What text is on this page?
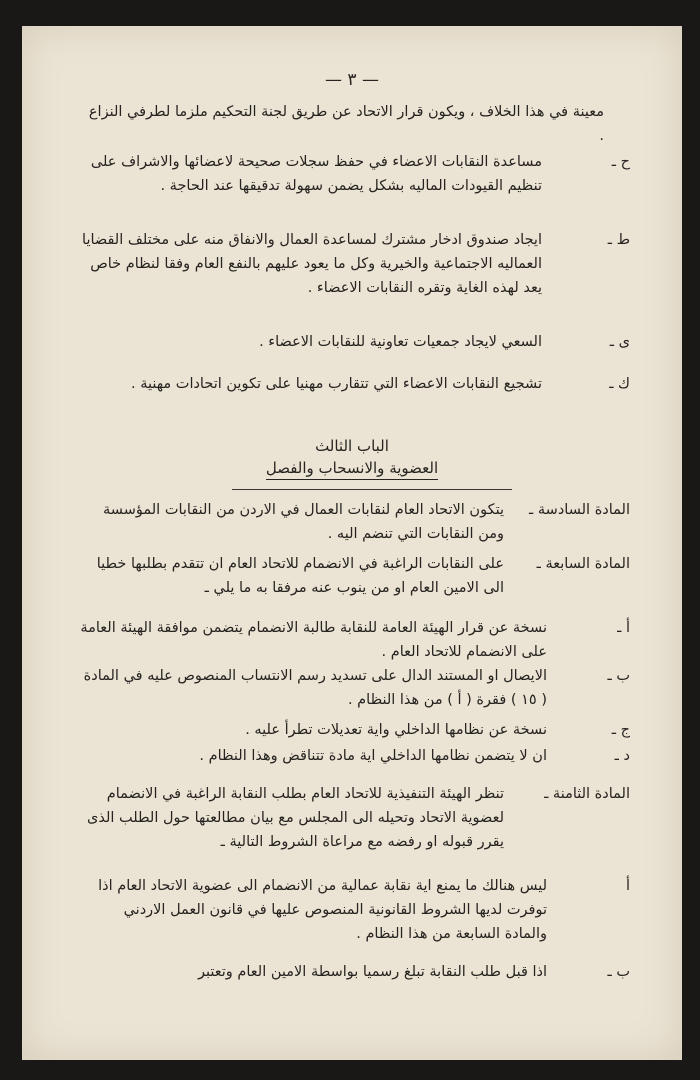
— ٣ —

معينة في هذا الخلاف ، ويكون قرار الاتحاد عن طريق لجنة التحكيم ملزما لطرفي النزاع .

ح ـ
مساعدة النقابات الاعضاء في حفظ سجلات صحيحة لاعضائها والاشراف على تنظيم القيودات الماليه بشكل يضمن سهولة تدقيقها عند الحاجة .
ط ـ
ايجاد صندوق ادخار مشترك لمساعدة العمال والانفاق منه على مختلف القضايا العماليه الاجتماعية والخيرية وكل ما يعود عليهم بالنفع العام وفقا لنظام خاص يعد لهذه الغاية وتقره النقابات الاعضاء .
ى ـ
السعي لايجاد جمعيات تعاونية للنقابات الاعضاء .
ك ـ
تشجيع النقابات الاعضاء التي تتقارب مهنيا على تكوين اتحادات مهنية .
الباب الثالث
العضوية والانسحاب والفصل
المادة السادسة ـ
يتكون الاتحاد العام لنقابات العمال في الاردن من النقابات المؤسسة ومن النقابات التي تنضم اليه .
المادة السابعة ـ
على النقابات الراغبة في الانضمام للاتحاد العام ان تتقدم بطلبها خطيا الى الامين العام او من ينوب عنه مرفقا به ما يلي ـ
أ ـ
نسخة عن قرار الهيئة العامة للنقابة طالبة الانضمام يتضمن موافقة الهيئة العامة على الانضمام للاتحاد العام .
ب ـ
الايصال او المستند الدال على تسديد رسم الانتساب المنصوص عليه في المادة ( ١٥ ) فقرة ( أ ) من هذا النظام .
ج ـ
نسخة عن نظامها الداخلي واية تعديلات تطرأ عليه .
د ـ
ان لا يتضمن نظامها الداخلي اية مادة تتناقض وهذا النظام .
المادة الثامنة ـ
تنظر الهيئة التنفيذية للاتحاد العام بطلب النقابة الراغبة في الانضمام لعضوية الاتحاد وتحيله الى المجلس مع بيان مطالعتها حول الطلب الذى يقرر قبوله او رفضه مع مراعاة الشروط التالية ـ
أ
ليس هنالك ما يمنع اية نقابة عمالية من الانضمام الى عضوية الاتحاد العام اذا توفرت لديها الشروط القانونية المنصوص عليها في قانون العمل الاردني والمادة السابعة من هذا النظام .
ب ـ
اذا قبل طلب النقابة تبلغ رسميا بواسطة الامين العام وتعتبر
